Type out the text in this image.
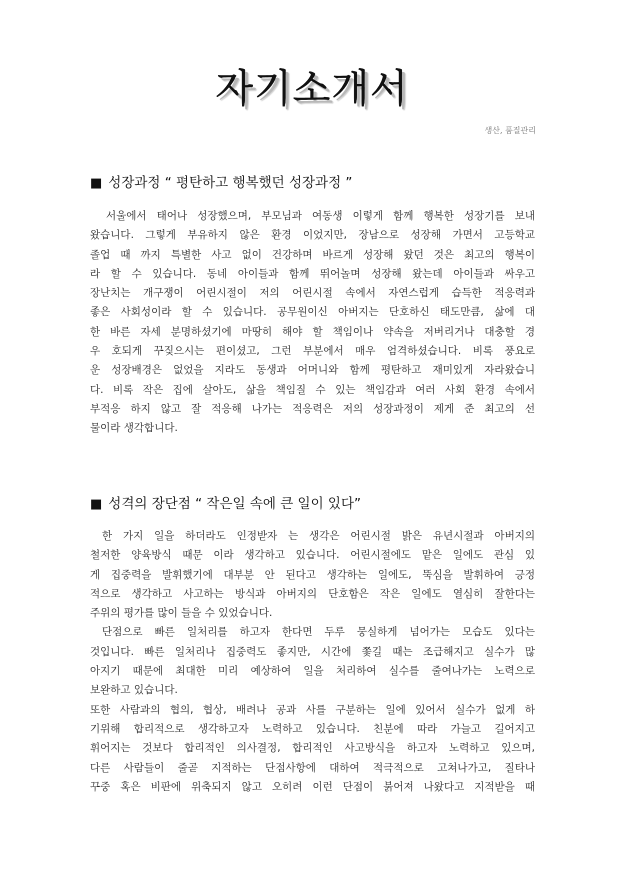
자기소개서
생산, 품질관리
■ 성장과정 “ 평탄하고 행복했던 성장과정 ”

서울에서 태어나 성장했으며, 부모님과 여동생 이렇게 함께 행복한 성장기를 보내

왔습니다. 그렇게 부유하지 않은 환경 이었지만, 장남으로 성장해 가면서 고등학교

졸업 때 까지 특별한 사고 없이 건강하며 바르게 성장해 왔던 것은 최고의 행복이

라 할 수 있습니다. 동네 아이들과 함께 뛰어놀며 성장해 왔는데 아이들과 싸우고

장난치는 개구쟁이 어린시절이 저의 어린시절 속에서 자연스럽게 습득한 적응력과

좋은 사회성이라 할 수 있습니다. 공무원이신 아버지는 단호하신 태도만큼, 삶에 대

한 바른 자세 분명하셨기에 마땅히 해야 할 책임이나 약속을 저버리거나 대충할 경

우 호되게 꾸짖으시는 편이셨고, 그런 부분에서 매우 엄격하셨습니다. 비록 풍요로

운 성장배경은 없었을 지라도 동생과 어머니와 함께 평탄하고 재미있게 자라왔습니

다. 비록 작은 집에 살아도, 삶을 책임질 수 있는 책임감과 여러 사회 환경 속에서

부적응 하지 않고 잘 적응해 나가는 적응력은 저의 성장과정이 제게 준 최고의 선

물이라 생각합니다.

■ 성격의 장단점 “ 작은일 속에 큰 일이 있다”

한 가지 일을 하더라도 인정받자 는 생각은 어린시절 밝은 유년시절과 아버지의

철저한 양육방식 때문 이라 생각하고 있습니다. 어린시절에도 맡은 일에도 관심 있

게 집중력을 발휘했기에 대부분 안 된다고 생각하는 일에도, 뚝심을 발휘하여 긍정

적으로 생각하고 사고하는 방식과 아버지의 단호함은 작은 일에도 열심히 잘한다는

주위의 평가를 많이 들을 수 있었습니다.

단점으로 빠른 일처리를 하고자 한다면 두루 뭉실하게 넘어가는 모습도 있다는

것입니다. 빠른 일처리나 집중력도 좋지만, 시간에 쫓길 때는 조급해지고 실수가 많

아지기 때문에 최대한 미리 예상하여 일을 처리하여 실수를 줄여나가는 노력으로

보완하고 있습니다.

또한 사람과의 협의, 협상, 배려나 공과 사를 구분하는 일에 있어서 실수가 없게 하

기위해 합리적으로 생각하고자 노력하고 있습니다. 친분에 따라 가늘고 길어지고

휘어지는 것보다 합리적인 의사결정, 합리적인 사고방식을 하고자 노력하고 있으며,

다른 사람들이 줄곧 지적하는 단점사항에 대하여 적극적으로 고쳐나가고, 질타나

꾸중 혹은 비판에 위축되지 않고 오히려 이런 단점이 붉어져 나왔다고 지적받을 때
